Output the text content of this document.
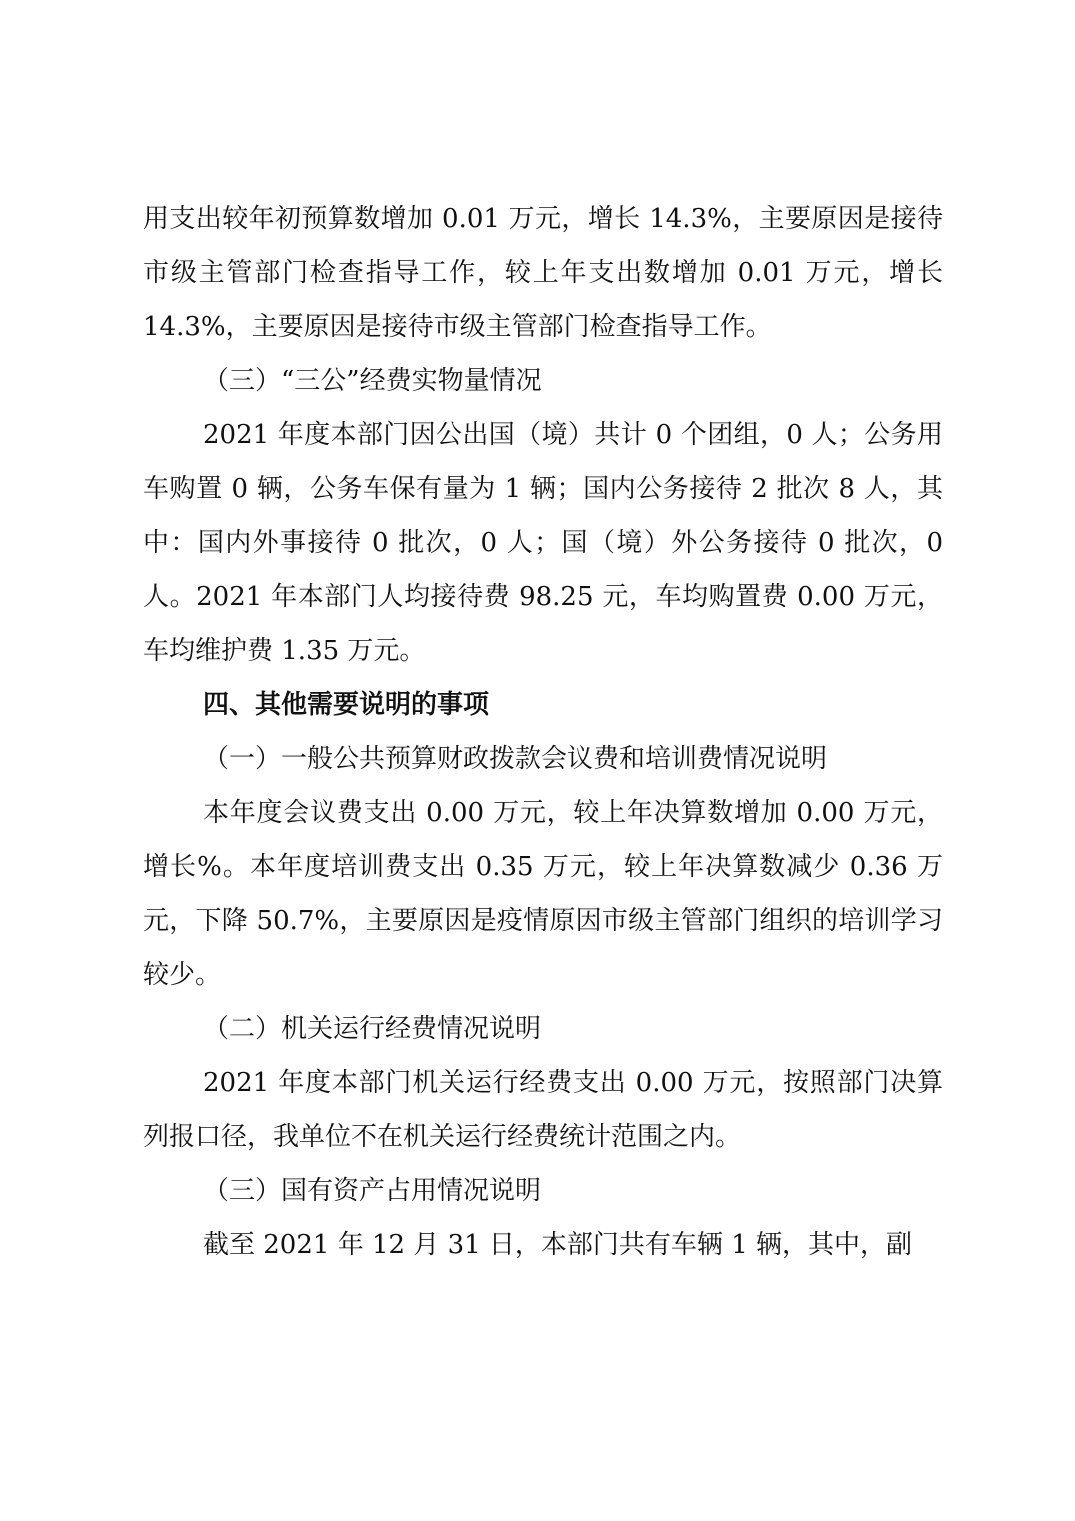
用支出较年初预算数增加 0.01 万元，增长 14.3%，主要原因是接待市级主管部门检查指导工作，较上年支出数增加 0.01 万元，增长 14.3%，主要原因是接待市级主管部门检查指导工作。

（三）“三公”经费实物量情况

2021 年度本部门因公出国（境）共计 0 个团组，0 人；公务用车购置 0 辆，公务车保有量为 1 辆；国内公务接待 2 批次 8 人，其中：国内外事接待 0 批次，0 人；国（境）外公务接待 0 批次，0 人。2021 年本部门人均接待费 98.25 元，车均购置费 0.00 万元，车均维护费 1.35 万元。

四、其他需要说明的事项

（一）一般公共预算财政拨款会议费和培训费情况说明

本年度会议费支出 0.00 万元，较上年决算数增加 0.00 万元，增长%。本年度培训费支出 0.35 万元，较上年决算数减少 0.36 万元，下降 50.7%，主要原因是疫情原因市级主管部门组织的培训学习较少。

（二）机关运行经费情况说明

2021 年度本部门机关运行经费支出 0.00 万元，按照部门决算列报口径，我单位不在机关运行经费统计范围之内。

（三）国有资产占用情况说明

截至 2021 年 12 月 31 日，本部门共有车辆 1 辆，其中，副
